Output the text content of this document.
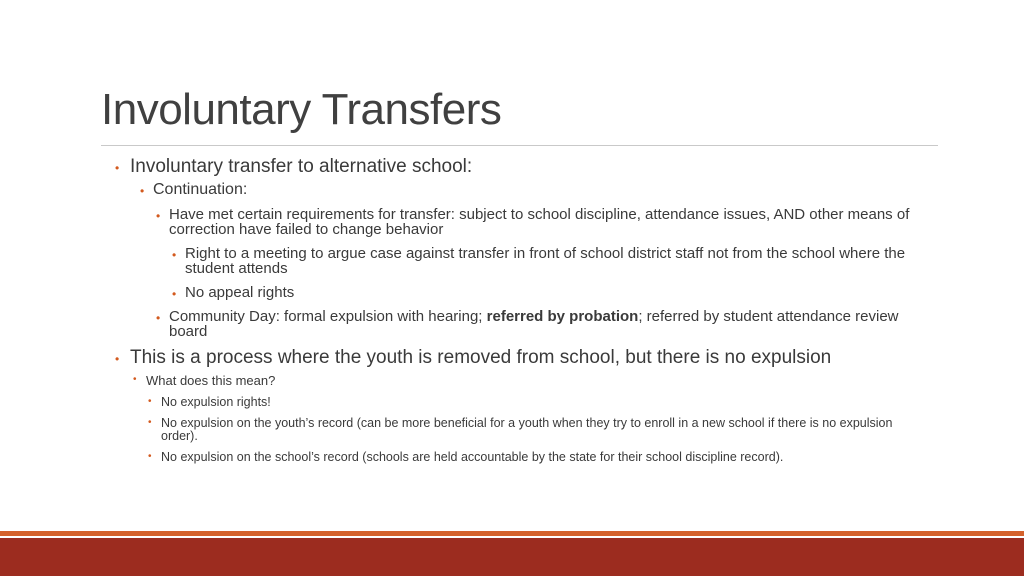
Involuntary Transfers
• Involuntary transfer to alternative school:
• Continuation:
• Have met certain requirements for transfer: subject to school discipline, attendance issues, AND other means of correction have failed to change behavior
• Right to a meeting to argue case against transfer in front of school district staff not from the school where the student attends
• No appeal rights
• Community Day: formal expulsion with hearing; referred by probation; referred by student attendance review board
• This is a process where the youth is removed from school, but there is no expulsion
• What does this mean?
• No expulsion rights!
• No expulsion on the youth’s record (can be more beneficial for a youth when they try to enroll in a new school if there is no expulsion order).
• No expulsion on the school’s record (schools are held accountable by the state for their school discipline record).
